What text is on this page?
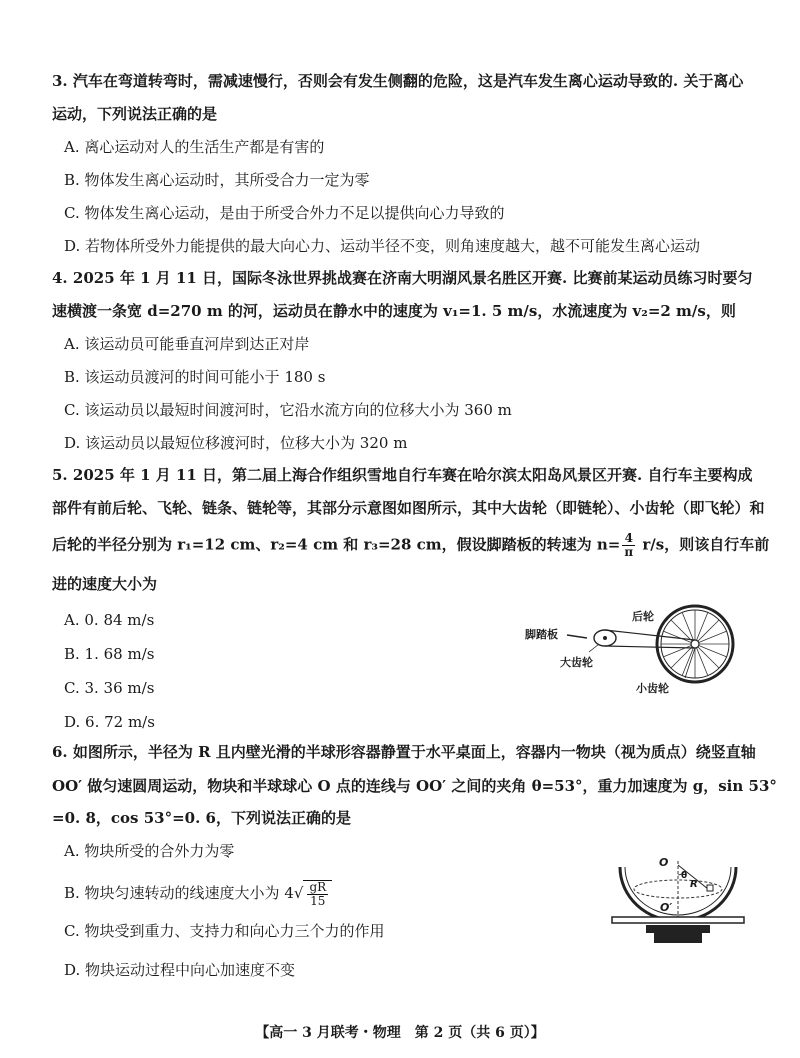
3. 汽车在弯道转弯时，需减速慢行，否则会有发生侧翻的危险，这是汽车发生离心运动导致的. 关于离心
运动，下列说法正确的是
A. 离心运动对人的生活生产都是有害的
B. 物体发生离心运动时，其所受合力一定为零
C. 物体发生离心运动，是由于所受合外力不足以提供向心力导致的
D. 若物体所受外力能提供的最大向心力、运动半径不变，则角速度越大，越不可能发生离心运动
4. 2025 年 1 月 11 日，国际冬泳世界挑战赛在济南大明湖风景名胜区开赛. 比赛前某运动员练习时要匀
速横渡一条宽 d=270 m 的河，运动员在静水中的速度为 v₁=1. 5 m/s，水流速度为 v₂=2 m/s，则
A. 该运动员可能垂直河岸到达正对岸
B. 该运动员渡河的时间可能小于 180 s
C. 该运动员以最短时间渡河时，它沿水流方向的位移大小为 360 m
D. 该运动员以最短位移渡河时，位移大小为 320 m
5. 2025 年 1 月 11 日，第二届上海合作组织雪地自行车赛在哈尔滨太阳岛风景区开赛. 自行车主要构成
部件有前后轮、飞轮、链条、链轮等，其部分示意图如图所示，其中大齿轮（即链轮）、小齿轮（即飞轮）和
后轮的半径分别为 r₁=12 cm、r₂=4 cm 和 r₃=28 cm，假设脚踏板的转速为 $n= \frac{4}{\pi} r/s$，则该自行车前
进的速度大小为
A. 0. 84 m/s
B. 1. 68 m/s
C. 3. 36 m/s
D. 6. 72 m/s
脚踏板
后轮
大齿轮
小齿轮
6. 如图所示，半径为 R 且内壁光滑的半球形容器静置于水平桌面上，容器内一物块（视为质点）绕竖直轴
OO′ 做匀速圆周运动，物块和半球球心 O 点的连线与 OO′ 之间的夹角 θ=53°，重力加速度为 g，sin 53°
=0. 8，cos 53°=0. 6，下列说法正确的是
A. 物块所受的合外力为零
B. 物块匀速转动的线速度大小为 $4√ \frac{gR}{15}$
C. 物块受到重力、支持力和向心力三个力的作用
D. 物块运动过程中向心加速度不变
O
θ
R
O′
【高一 3 月联考・物理　第 2 页（共 6 页）】
